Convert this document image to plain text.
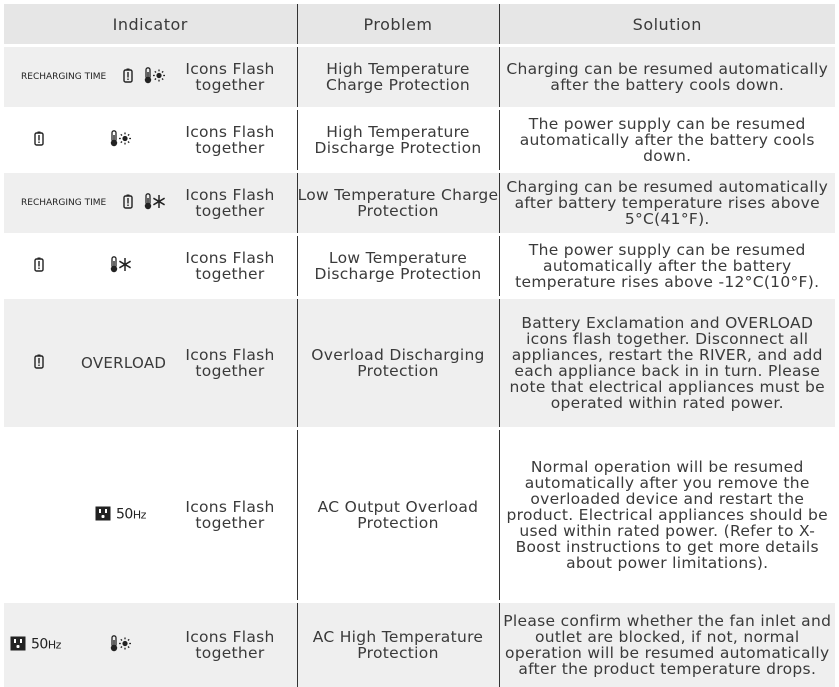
Indicator	Problem	Solution

RECHARGING TIME Icons Flash together	High Temperature Charge Protection	Charging can be resumed automatically after the battery cools down.

Icons Flash together	High Temperature Discharge Protection	The power supply can be resumed automatically after the battery cools down.

RECHARGING TIME Icons Flash together	Low Temperature Charge Protection	Charging can be resumed automatically after battery temperature rises above 5°C(41°F).

Icons Flash together	Low Temperature Discharge Protection	The power supply can be resumed automatically after the battery temperature rises above -12°C(10°F).

OVERLOAD Icons Flash together	Overload Discharging Protection	Battery Exclamation and OVERLOAD icons flash together. Disconnect all appliances, restart the RIVER, and add each appliance back in in turn. Please note that electrical appliances must be operated within rated power.

50Hz Icons Flash together	AC Output Overload Protection	Normal operation will be resumed automatically after you remove the overloaded device and restart the product. Electrical appliances should be used within rated power. (Refer to X-Boost instructions to get more details about power limitations).

50Hz Icons Flash together	AC High Temperature Protection	Please confirm whether the fan inlet and outlet are blocked, if not, normal operation will be resumed automatically after the product temperature drops.
